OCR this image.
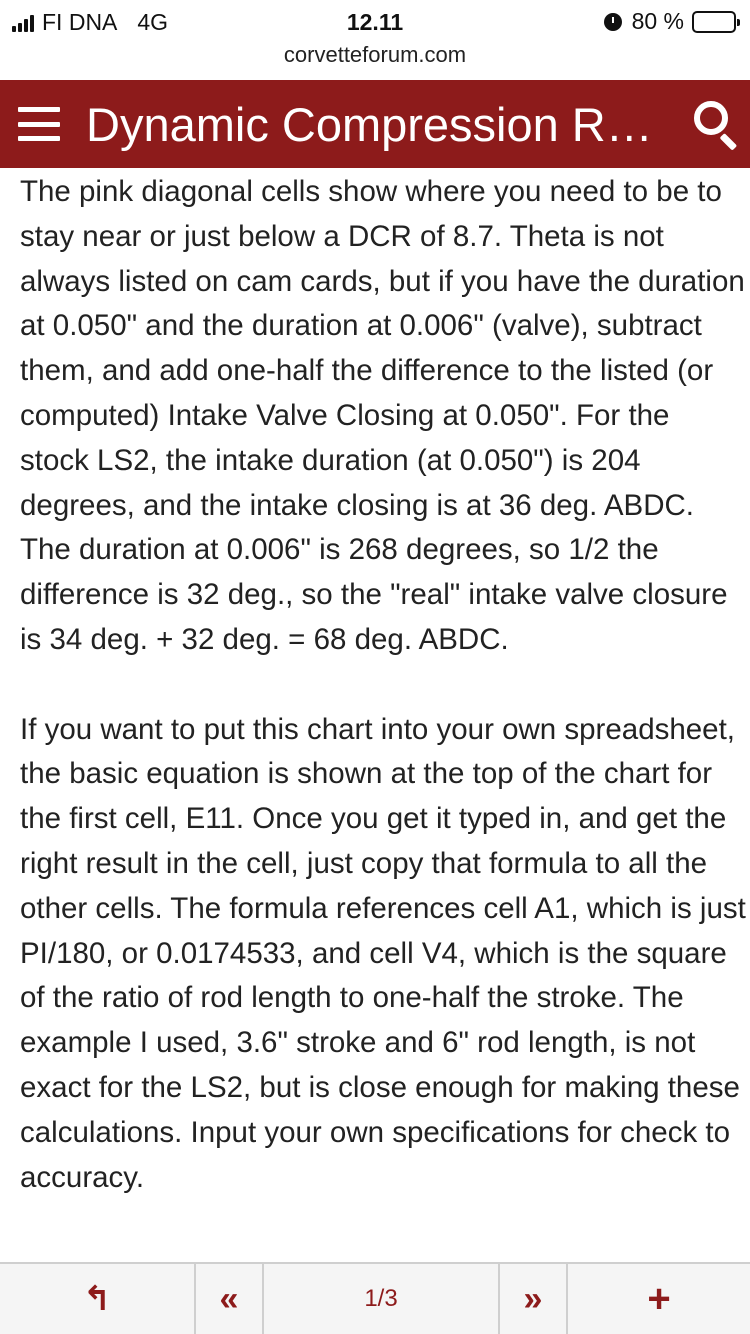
FI DNA 4G	12.11
corvetteforum.com
80 %
Dynamic Compression R…

The pink diagonal cells show where you need to be to stay near or just below a DCR of 8.7. Theta is not always listed on cam cards, but if you have the duration at 0.050" and the duration at 0.006" (valve), subtract them, and add one-half the difference to the listed (or computed) Intake Valve Closing at 0.050". For the stock LS2, the intake duration (at 0.050") is 204 degrees, and the intake closing is at 36 deg. ABDC. The duration at 0.006" is 268 degrees, so 1/2 the difference is 32 deg., so the "real" intake valve closure is 34 deg. + 32 deg. = 68 deg. ABDC.

If you want to put this chart into your own spreadsheet, the basic equation is shown at the top of the chart for the first cell, E11. Once you get it typed in, and get the right result in the cell, just copy that formula to all the other cells. The formula references cell A1, which is just PI/180, or 0.0174533, and cell V4, which is the square of the ratio of rod length to one-half the stroke. The example I used, 3.6" stroke and 6" rod length, is not exact for the LS2, but is close enough for making these calculations. Input your own specifications for check to accuracy.

↰	«	1/3	»	+
